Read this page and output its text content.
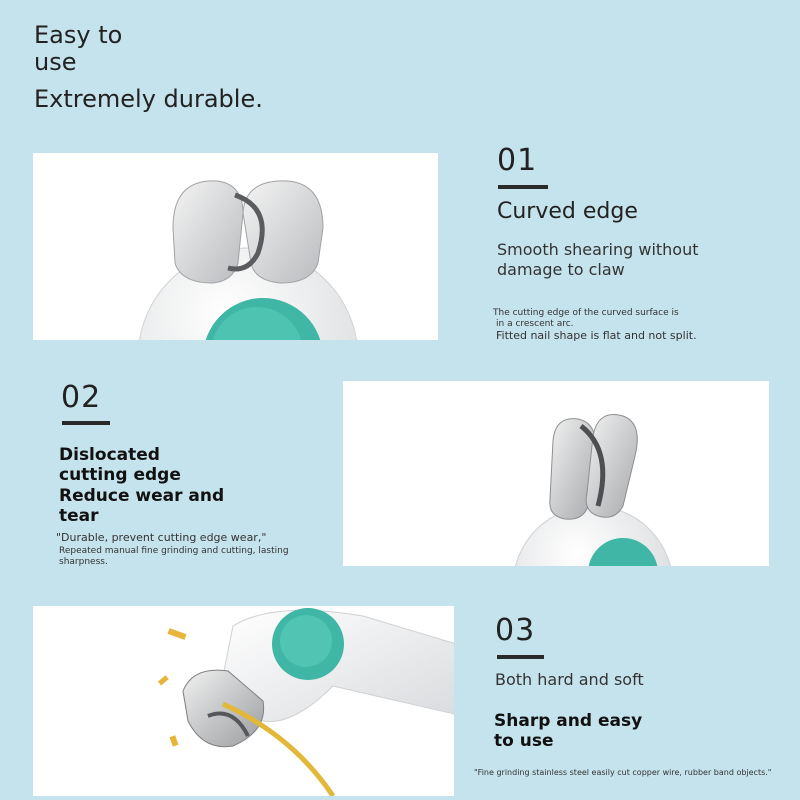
Easy to
use
Extremely durable.
01
Curved edge
Smooth shearing without
damage to claw
The cutting edge of the curved surface is
in a crescent arc.
Fitted nail shape is flat and not split.
02
Dislocated
cutting edge
Reduce wear and
tear
"Durable, prevent cutting edge wear,"
Repeated manual fine grinding and cutting, lasting
sharpness.
03
Both hard and soft
Sharp and easy
to use
"Fine grinding stainless steel easily cut copper wire, rubber band objects."
